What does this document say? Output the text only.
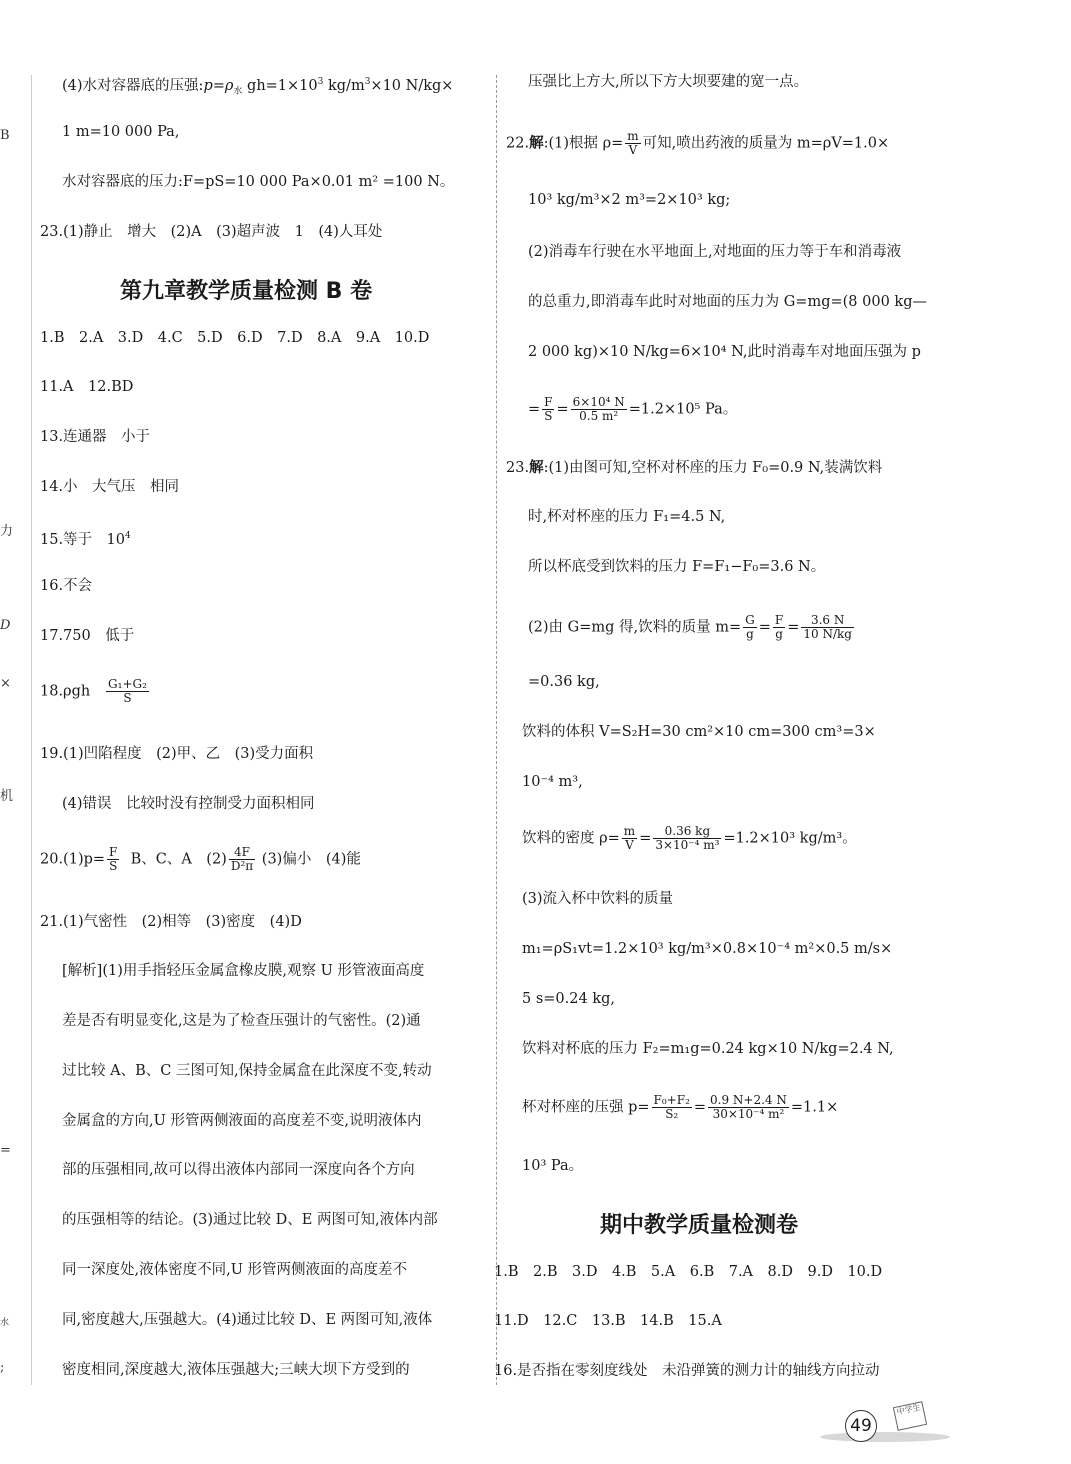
B
力
D
×
机
=
水
;
(4)水对容器底的压强$:p=\rho_水$ $gh=1\times 10^3$ $kg/m^3\times 10$ N/kg×
1 m=10 000 Pa,
水对容器底的压力:F=pS=10 000 Pa×0.01 m² =100 N。
23.(1)静止　增大　(2)A　(3)超声波　1　(4)人耳处
第九章教学质量检测 B 卷
1.B　2.A　3.D　4.C　5.D　6.D　7.D　8.A　9.A　10.D
11.A　12.BD
13.连通器　小于
14.小　大气压　相同
15.等于　$10^4$
16.不会
17.750　低于
$18.\rho gh \frac{\text{G₁+G₂}}{S}$
19.(1)凹陷程度　(2)甲、乙　(3)受力面积
(4)错误　比较时没有控制受力面积相同
$20.(1)p= \frac{F}{S}$ B、C、A　$(2) \frac{4F}{\text{D²π}} (3)$偏小　(4)能
21.(1)气密性　(2)相等　(3)密度　(4)D
[解析](1)用手指轻压金属盒橡皮膜,观察 U 形管液面高度
差是否有明显变化,这是为了检查压强计的气密性。(2)通
过比较 A、B、C 三图可知,保持金属盒在此深度不变,转动
金属盒的方向,U 形管两侧液面的高度差不变,说明液体内
部的压强相同,故可以得出液体内部同一深度向各个方向
的压强相等的结论。(3)通过比较 D、E 两图可知,液体内部
同一深度处,液体密度不同,U 形管两侧液面的高度差不
同,密度越大,压强越大。(4)通过比较 D、E 两图可知,液体
密度相同,深度越大,液体压强越大;三峡大坝下方受到的
压强比上方大,所以下方大坝要建的宽一点。
22.解:(1)根据 $\rho= \frac{m}{V}$ 可知,喷出药液的质量为 m=ρV=1.0×
10³ kg/m³×2 m³=2×10³ kg;
(2)消毒车行驶在水平地面上,对地面的压力等于车和消毒液
的总重力,即消毒车此时对地面的压力为 G=mg=(8 000 kg—
2 000 kg)×10 N/kg=6×10⁴ N,此时消毒车对地面压强为 p
= $\frac{F}{S} = \frac{\text{6×10⁴ N}}{\text{0.5 m²}} =1.2\times 10^5$ Pa。
23.解:(1)由图可知,空杯对杯座的压力 F₀=0.9 N,装满饮料
时,杯对杯座的压力 F₁=4.5 N,
所以杯底受到饮料的压力 F=F₁−F₀=3.6 N。
(2)由 G=mg 得,饮料的质量 $m= \frac{G}{g} = \frac{F}{g} = \frac{3.6 N}{10 N/kg}$
=0.36 kg,
饮料的体积 V=S₂H=30 cm²×10 cm=300 cm³=3×
10⁻⁴ m³,
饮料的密度 $\rho= \frac{m}{V} = \frac{0.36 kg}{\text{3×10⁻⁴ m³}} =1.2\times 10^3$ kg/m³。
(3)流入杯中饮料的质量
m₁=ρS₁vt=1.2×10³ kg/m³×0.8×10⁻⁴ m²×0.5 m/s×
5 s=0.24 kg,
饮料对杯底的压力 F₂=m₁g=0.24 kg×10 N/kg=2.4 N,
杯对杯座的压强 $p= \frac{\text{F₀+F₂}}{\text{S₂}} = \frac{0.9 N+2.4 N}{\text{30×10⁻⁴ m²}} =1.1\times$
10³ Pa。
期中教学质量检测卷
1.B　2.B　3.D　4.B　5.A　6.B　7.A　8.D　9.D　10.D
11.D　12.C　13.B　14.B　15.A
16.是否指在零刻度线处　未沿弹簧的测力计的轴线方向拉动
49
中学生
